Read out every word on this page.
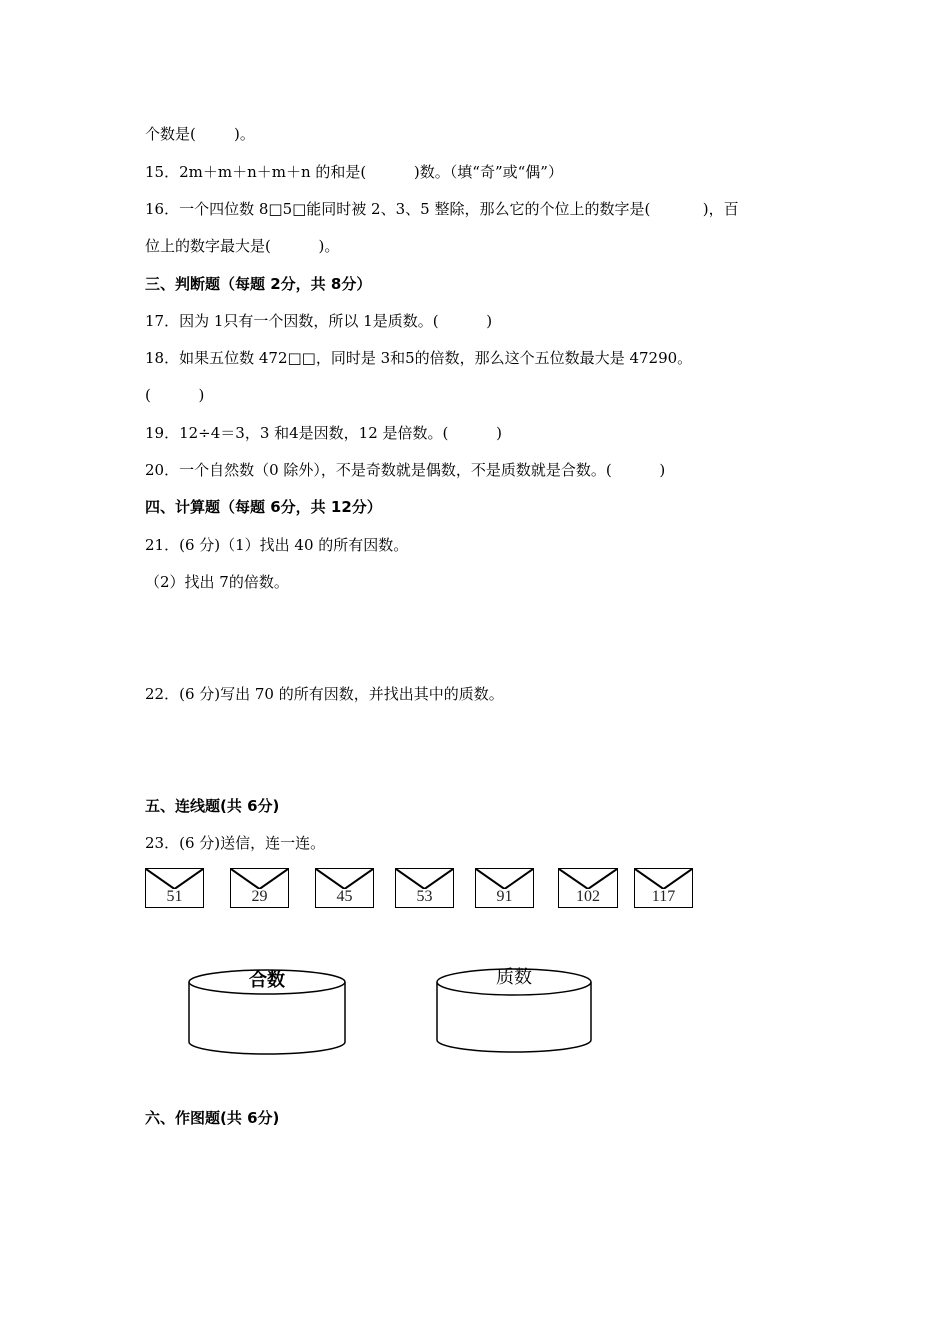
个数是(        )。
15．2m＋m＋n＋m＋n 的和是(          )数。（填“奇”或“偶”）
16．一个四位数 8□5□能同时被 2、3、5 整除，那么它的个位上的数字是(           )，百
位上的数字最大是(          )。
三、判断题（每题 2分，共 8分）
17．因为 1只有一个因数，所以 1是质数。(          )
18．如果五位数 472□□，同时是 3和5的倍数，那么这个五位数最大是 47290。
(          )
19．12÷4＝3，3 和4是因数，12 是倍数。(          )
20．一个自然数（0 除外），不是奇数就是偶数，不是质数就是合数。(          )
四、计算题（每题 6分，共 12分）
21．(6 分)（1）找出 40 的所有因数。
（2）找出 7的倍数。
22．(6 分)写出 70 的所有因数，并找出其中的质数。
五、连线题(共 6分)
23．(6 分)送信，连一连。
51	29	45	53	91	102	117
合数	质数
六、作图题(共 6分)
